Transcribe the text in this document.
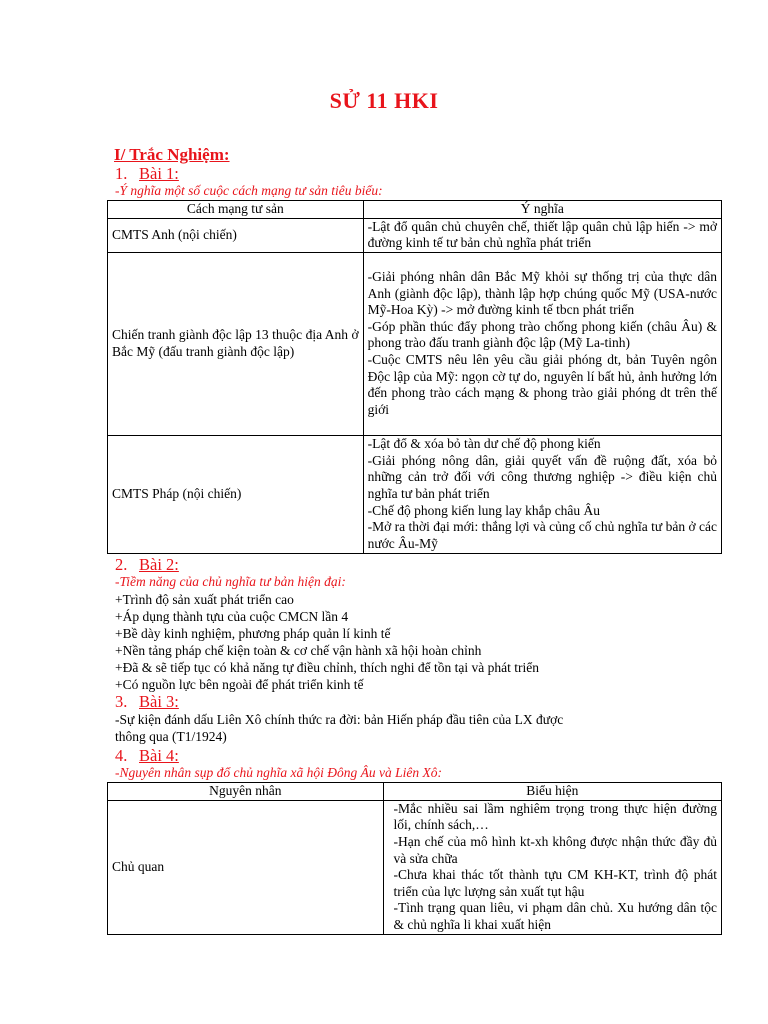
SỬ 11 HKI
I/ Trắc Nghiệm:
1. Bài 1:
-Ý nghĩa một số cuộc cách mạng tư sản tiêu biểu:
Cách mạng tư sản	Ý nghĩa
CMTS Anh (nội chiến)	-Lật đổ quân chủ chuyên chế, thiết lập quân chủ lập hiến -> mở đường kinh tế tư bản chủ nghĩa phát triển
Chiến tranh giành độc lập 13 thuộc địa Anh ở Bắc Mỹ (đấu tranh giành độc lập)	-Giải phóng nhân dân Bắc Mỹ khỏi sự thống trị của thực dân Anh (giành độc lập), thành lập hợp chúng quốc Mỹ (USA-nước Mỹ-Hoa Kỳ) -> mở đường kinh tế tbcn phát triển
-Góp phần thúc đẩy phong trào chống phong kiến (châu Âu) & phong trào đấu tranh giành độc lập (Mỹ La-tinh)
-Cuộc CMTS nêu lên yêu cầu giải phóng dt, bản Tuyên ngôn Độc lập của Mỹ: ngọn cờ tự do, nguyên lí bất hủ, ảnh hưởng lớn đến phong trào cách mạng & phong trào giải phóng dt trên thế giới

CMTS Pháp (nội chiến)	-Lật đổ & xóa bỏ tàn dư chế độ phong kiến
-Giải phóng nông dân, giải quyết vấn đề ruộng đất, xóa bỏ những cản trở đối với công thương nghiệp -> điều kiện chủ nghĩa tư bản phát triển
-Chế độ phong kiến lung lay khắp châu Âu
-Mở ra thời đại mới: thắng lợi và củng cố chủ nghĩa tư bản ở các nước Âu-Mỹ
2. Bài 2:
-Tiềm năng của chủ nghĩa tư bản hiện đại:
+Trình độ sản xuất phát triển cao
+Áp dụng thành tựu của cuộc CMCN lần 4
+Bề dày kinh nghiệm, phương pháp quản lí kinh tế
+Nền tảng pháp chế kiện toàn & cơ chế vận hành xã hội hoàn chỉnh
+Đã & sẽ tiếp tục có khả năng tự điều chỉnh, thích nghi để tồn tại và phát triển
+Có nguồn lực bên ngoài để phát triển kinh tế
3. Bài 3:
-Sự kiện đánh dấu Liên Xô chính thức ra đời: bản Hiến pháp đầu tiên của LX được
thông qua (T1/1924)
4. Bài 4:
-Nguyên nhân sụp đổ chủ nghĩa xã hội Đông Âu và Liên Xô:
Nguyên nhân	Biểu hiện
Chủ quan	-Mắc nhiều sai lầm nghiêm trọng trong thực hiện đường lối, chính sách,…
-Hạn chế của mô hình kt-xh không được nhận thức đầy đủ và sửa chữa
-Chưa khai thác tốt thành tựu CM KH-KT, trình độ phát triển của lực lượng sản xuất tụt hậu
-Tình trạng quan liêu, vi phạm dân chủ. Xu hướng dân tộc & chủ nghĩa li khai xuất hiện
